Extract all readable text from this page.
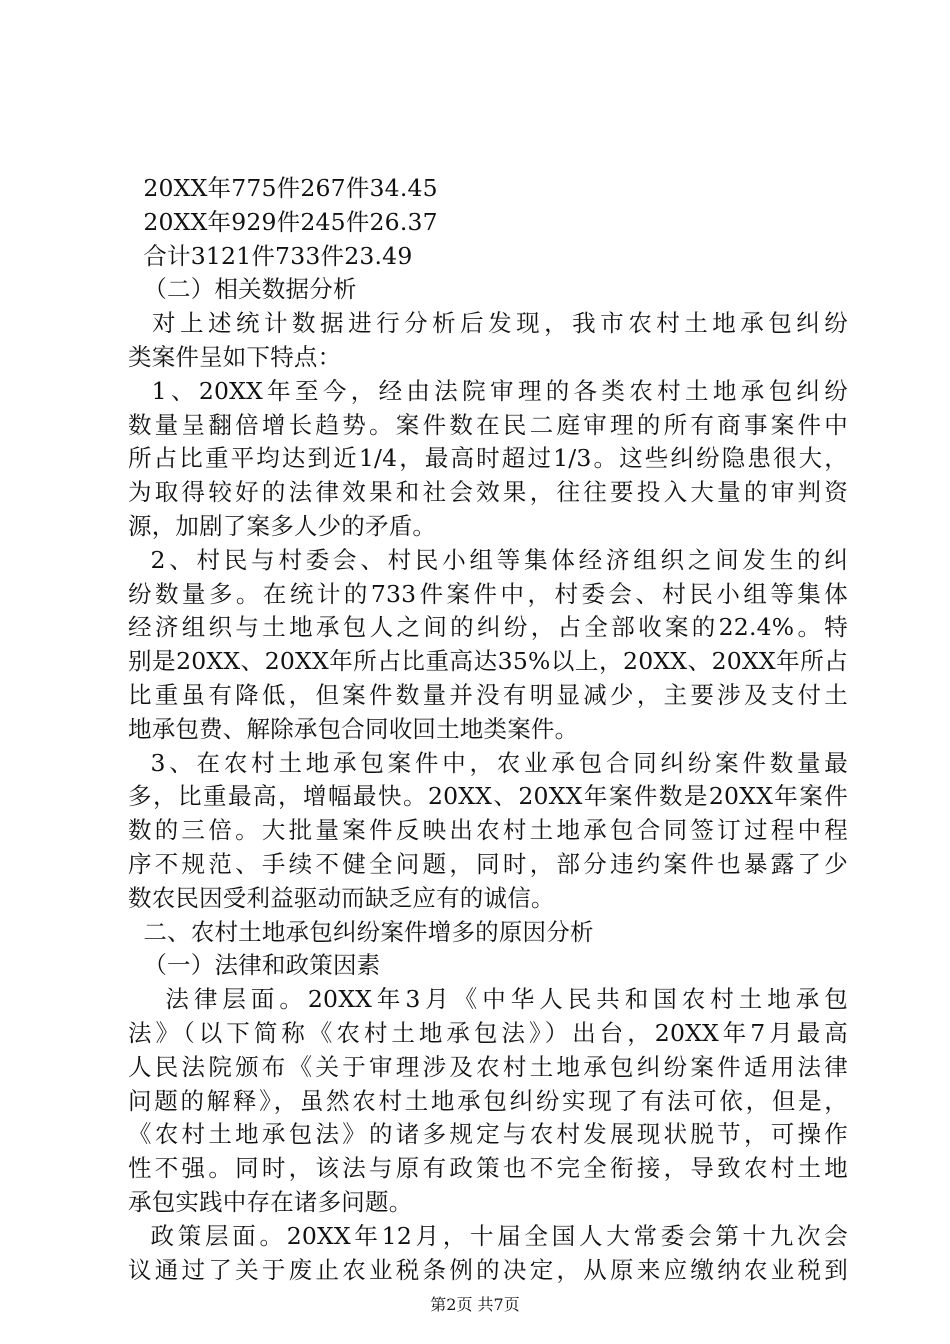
20XX年775件267件34.45
20XX年929件245件26.37
合计3121件733件23.49
（二）相关数据分析
对上述统计数据进行分析后发现，我市农村土地承包纠纷
类案件呈如下特点：
1、20XX年至今，经由法院审理的各类农村土地承包纠纷
数量呈翻倍增长趋势。案件数在民二庭审理的所有商事案件中
所占比重平均达到近1/4，最高时超过1/3。这些纠纷隐患很大，
为取得较好的法律效果和社会效果，往往要投入大量的审判资
源，加剧了案多人少的矛盾。
2、村民与村委会、村民小组等集体经济组织之间发生的纠
纷数量多。在统计的733件案件中，村委会、村民小组等集体
经济组织与土地承包人之间的纠纷，占全部收案的22.4%。特
别是20XX、20XX年所占比重高达35%以上，20XX、20XX年所占
比重虽有降低，但案件数量并没有明显减少，主要涉及支付土
地承包费、解除承包合同收回土地类案件。
3、在农村土地承包案件中，农业承包合同纠纷案件数量最
多，比重最高，增幅最快。20XX、20XX年案件数是20XX年案件
数的三倍。大批量案件反映出农村土地承包合同签订过程中程
序不规范、手续不健全问题，同时，部分违约案件也暴露了少
数农民因受利益驱动而缺乏应有的诚信。
二、农村土地承包纠纷案件增多的原因分析
（一）法律和政策因素
法律层面。20XX年3月《中华人民共和国农村土地承包
法》（以下简称《农村土地承包法》）出台，20XX年7月最高
人民法院颁布《关于审理涉及农村土地承包纠纷案件适用法律
问题的解释》，虽然农村土地承包纠纷实现了有法可依，但是，
《农村土地承包法》的诸多规定与农村发展现状脱节，可操作
性不强。同时，该法与原有政策也不完全衔接，导致农村土地
承包实践中存在诸多问题。
政策层面。20XX年12月，十届全国人大常委会第十九次会
议通过了关于废止农业税条例的决定，从原来应缴纳农业税到
第2页 共7页
